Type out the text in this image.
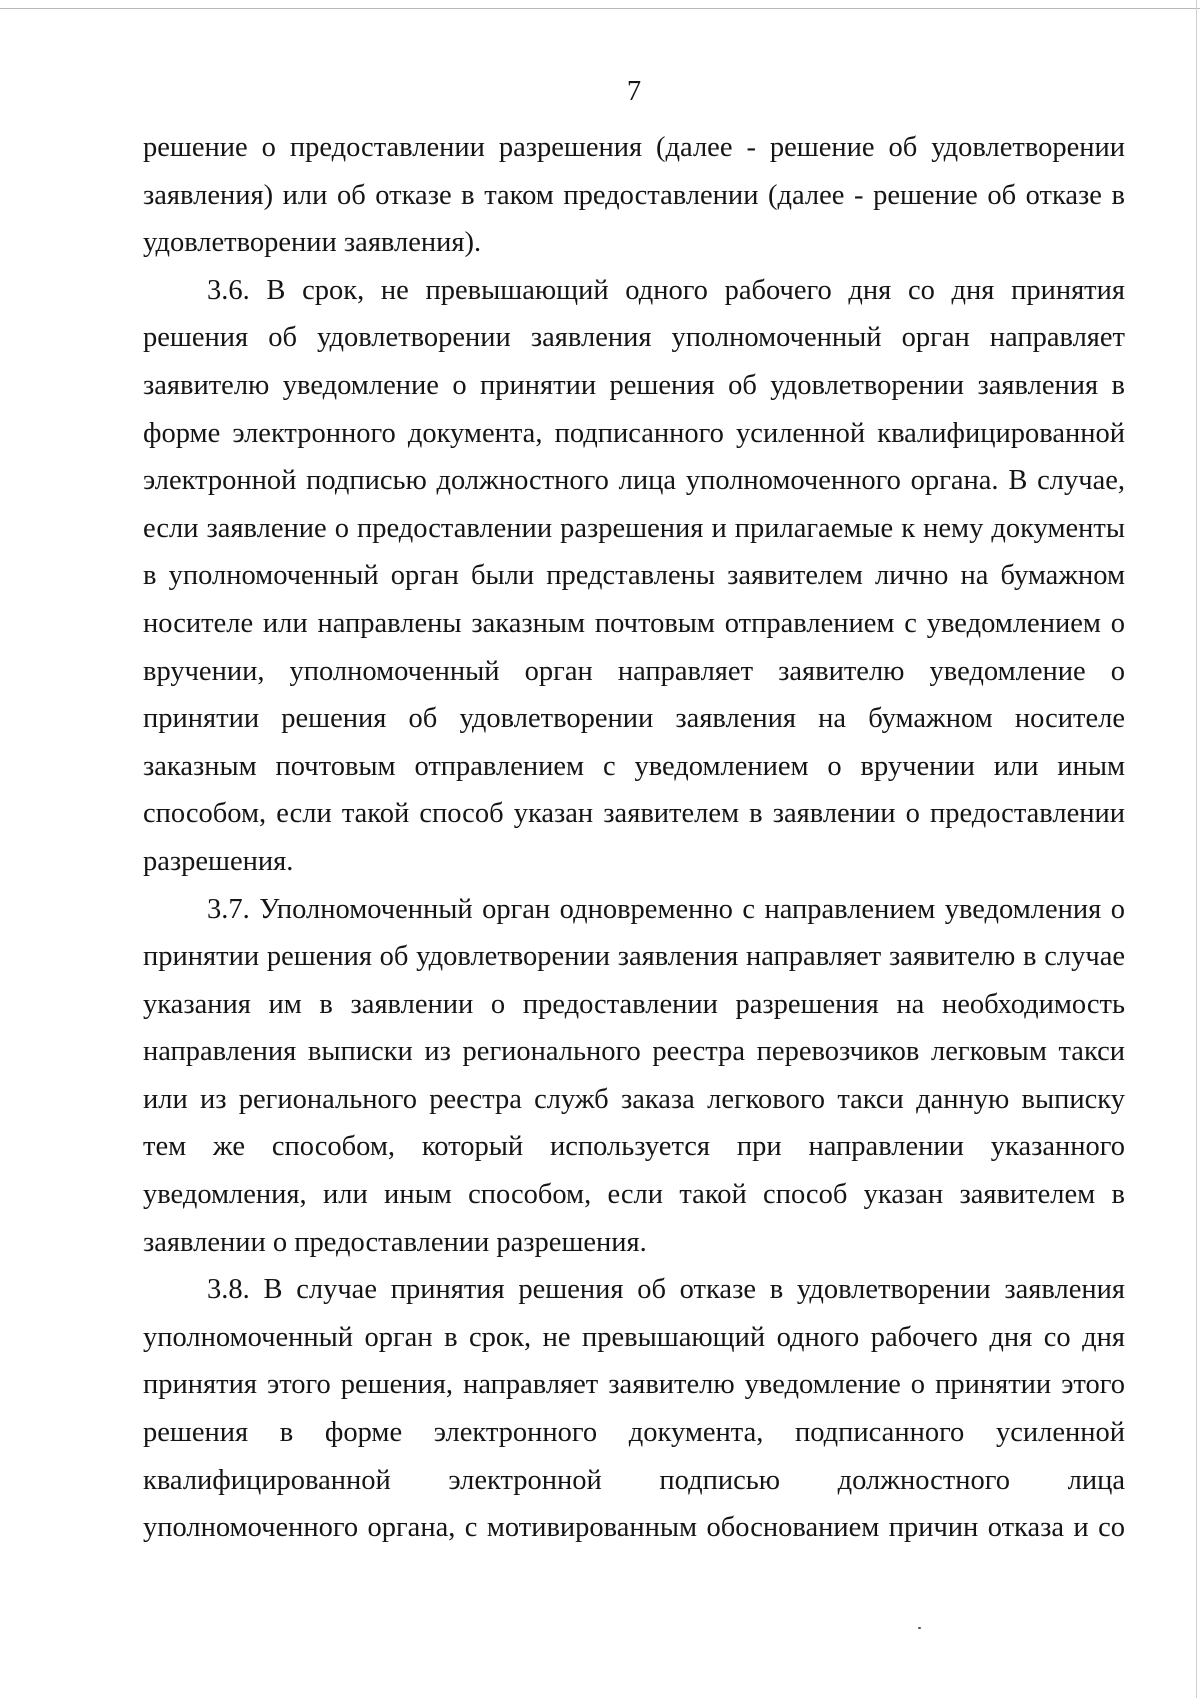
7

решение о предоставлении разрешения (далее - решение об удовлетворении заявления) или об отказе в таком предоставлении (далее - решение об отказе в удовлетворении заявления).

3.6. В срок, не превышающий одного рабочего дня со дня принятия решения об удовлетворении заявления уполномоченный орган направляет заявителю уведомление о принятии решения об удовлетворении заявления в форме электронного документа, подписанного усиленной квалифицированной электронной подписью должностного лица уполномоченного органа. В случае, если заявление о предоставлении разрешения и прилагаемые к нему документы в уполномоченный орган были представлены заявителем лично на бумажном носителе или направлены заказным почтовым отправлением с уведомлением о вручении, уполномоченный орган направляет заявителю уведомление о принятии решения об удовлетворении заявления на бумажном носителе заказным почтовым отправлением с уведомлением о вручении или иным способом, если такой способ указан заявителем в заявлении о предоставлении разрешения.

3.7. Уполномоченный орган одновременно с направлением уведомления о принятии решения об удовлетворении заявления направляет заявителю в случае указания им в заявлении о предоставлении разрешения на необходимость направления выписки из регионального реестра перевозчиков легковым такси или из регионального реестра служб заказа легкового такси данную выписку тем же способом, который используется при направлении указанного уведомления, или иным способом, если такой способ указан заявителем в заявлении о предоставлении разрешения.

3.8. В случае принятия решения об отказе в удовлетворении заявления уполномоченный орган в срок, не превышающий одного рабочего дня со дня принятия этого решения, направляет заявителю уведомление о принятии этого решения в форме электронного документа, подписанного усиленной квалифицированной электронной подписью должностного лица уполномоченного органа, с мотивированным обоснованием причин отказа и со
